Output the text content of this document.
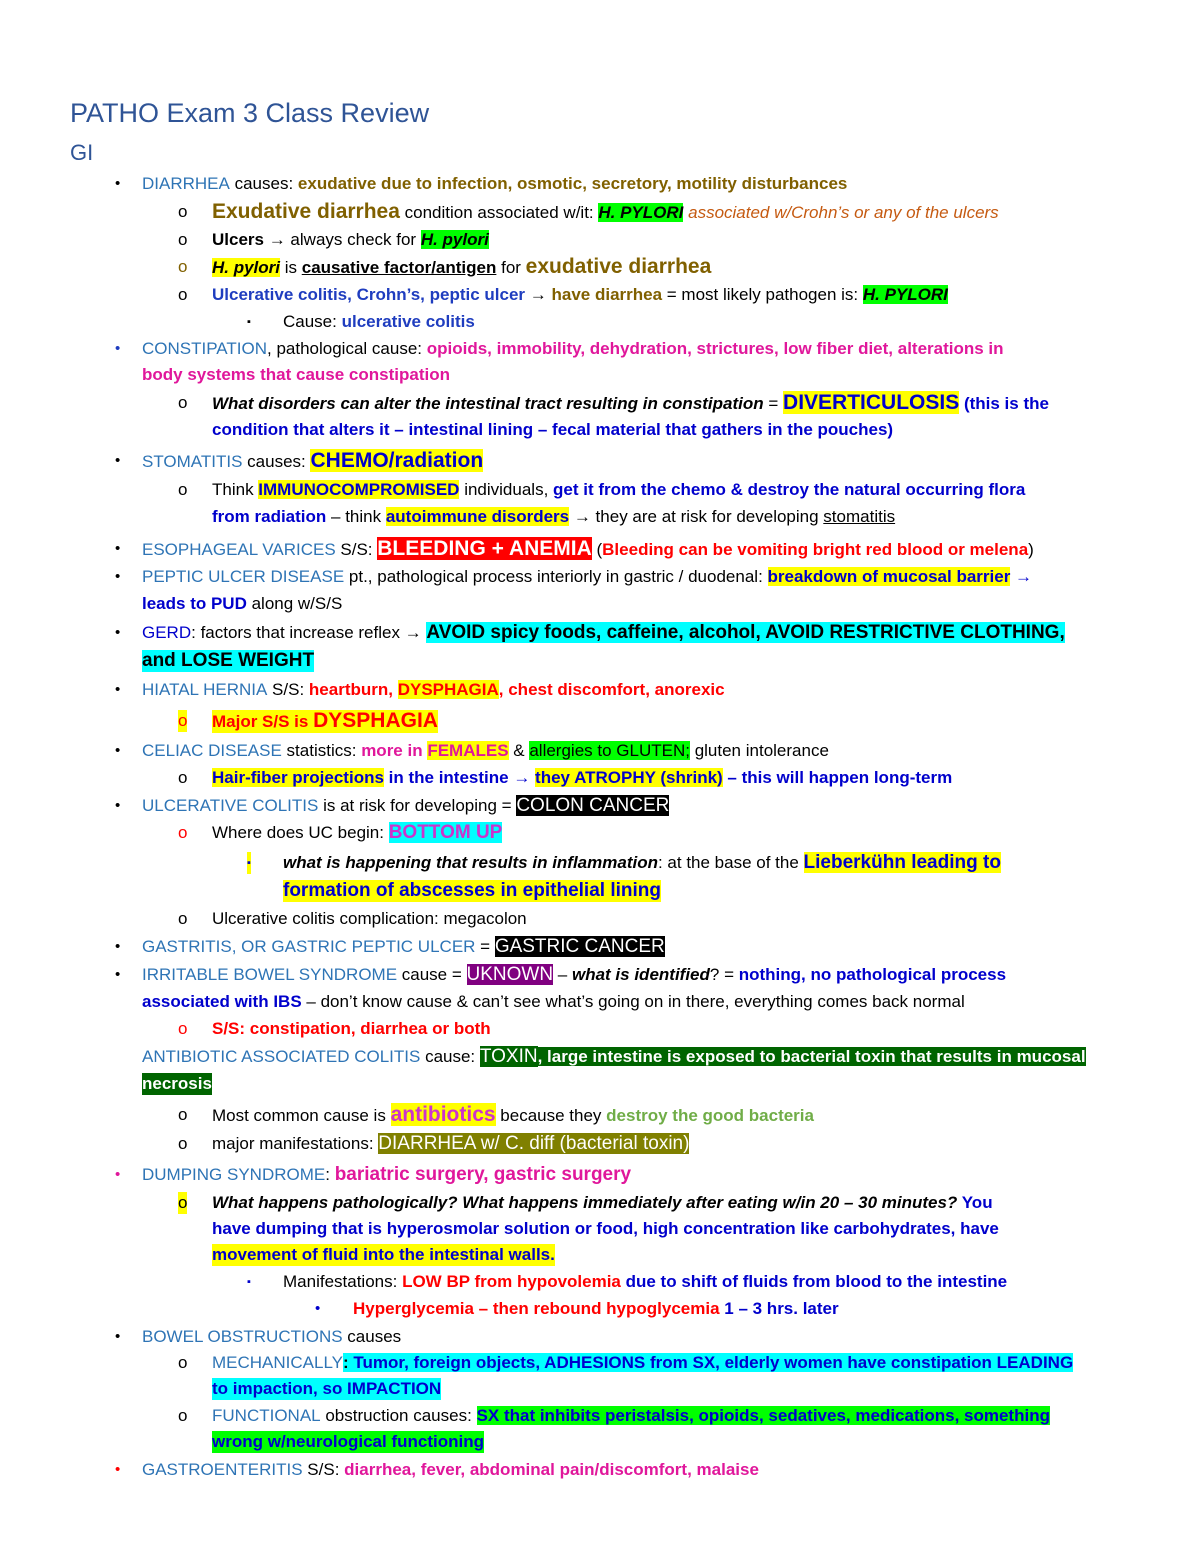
PATHO Exam 3 Class Review
GI
• DIARRHEA causes: exudative due to infection, osmotic, secretory, motility disturbances
o Exudative diarrhea condition associated w/it: H. PYLORI associated w/Crohn’s or any of the ulcers
o Ulcers → always check for H. pylori
o H. pylori is causative factor/antigen for exudative diarrhea
o Ulcerative colitis, Crohn’s, peptic ulcer → have diarrhea = most likely pathogen is: H. PYLORI
▪ Cause: ulcerative colitis
• CONSTIPATION, pathological cause: opioids, immobility, dehydration, strictures, low fiber diet, alterations in
body systems that cause constipation
o What disorders can alter the intestinal tract resulting in constipation = DIVERTICULOSIS (this is the
condition that alters it – intestinal lining – fecal material that gathers in the pouches)
• STOMATITIS causes: CHEMO/radiation
o Think IMMUNOCOMPROMISED individuals, get it from the chemo & destroy the natural occurring flora
from radiation – think autoimmune disorders → they are at risk for developing stomatitis
• ESOPHAGEAL VARICES S/S: BLEEDING + ANEMIA (Bleeding can be vomiting bright red blood or melena)
• PEPTIC ULCER DISEASE pt., pathological process interiorly in gastric / duodenal: breakdown of mucosal barrier →
leads to PUD along w/S/S
• GERD: factors that increase reflex → AVOID spicy foods, caffeine, alcohol, AVOID RESTRICTIVE CLOTHING,
and LOSE WEIGHT
• HIATAL HERNIA S/S: heartburn, DYSPHAGIA, chest discomfort, anorexic
o Major S/S is DYSPHAGIA
• CELIAC DISEASE statistics: more in FEMALES & allergies to GLUTEN; gluten intolerance
o Hair-fiber projections in the intestine → they ATROPHY (shrink) – this will happen long-term
• ULCERATIVE COLITIS is at risk for developing = COLON CANCER
o Where does UC begin: BOTTOM UP
▪ what is happening that results in inflammation: at the base of the Lieberkühn leading to
formation of abscesses in epithelial lining
o Ulcerative colitis complication: megacolon
• GASTRITIS, OR GASTRIC PEPTIC ULCER = GASTRIC CANCER
• IRRITABLE BOWEL SYNDROME cause = UKNOWN – what is identified? = nothing, no pathological process
associated with IBS – don’t know cause & can’t see what’s going on in there, everything comes back normal
o S/S: constipation, diarrhea or both
ANTIBIOTIC ASSOCIATED COLITIS cause: TOXIN, large intestine is exposed to bacterial toxin that results in mucosal
necrosis
o Most common cause is antibiotics because they destroy the good bacteria
o major manifestations: DIARRHEA w/ C. diff (bacterial toxin)
• DUMPING SYNDROME: bariatric surgery, gastric surgery
o What happens pathologically? What happens immediately after eating w/in 20 – 30 minutes? You
have dumping that is hyperosmolar solution or food, high concentration like carbohydrates, have
movement of fluid into the intestinal walls.
▪ Manifestations: LOW BP from hypovolemia due to shift of fluids from blood to the intestine
• Hyperglycemia – then rebound hypoglycemia 1 – 3 hrs. later
• BOWEL OBSTRUCTIONS causes
o MECHANICALLY: Tumor, foreign objects, ADHESIONS from SX, elderly women have constipation LEADING
to impaction, so IMPACTION
o FUNCTIONAL obstruction causes: SX that inhibits peristalsis, opioids, sedatives, medications, something
wrong w/neurological functioning
• GASTROENTERITIS S/S: diarrhea, fever, abdominal pain/discomfort, malaise
